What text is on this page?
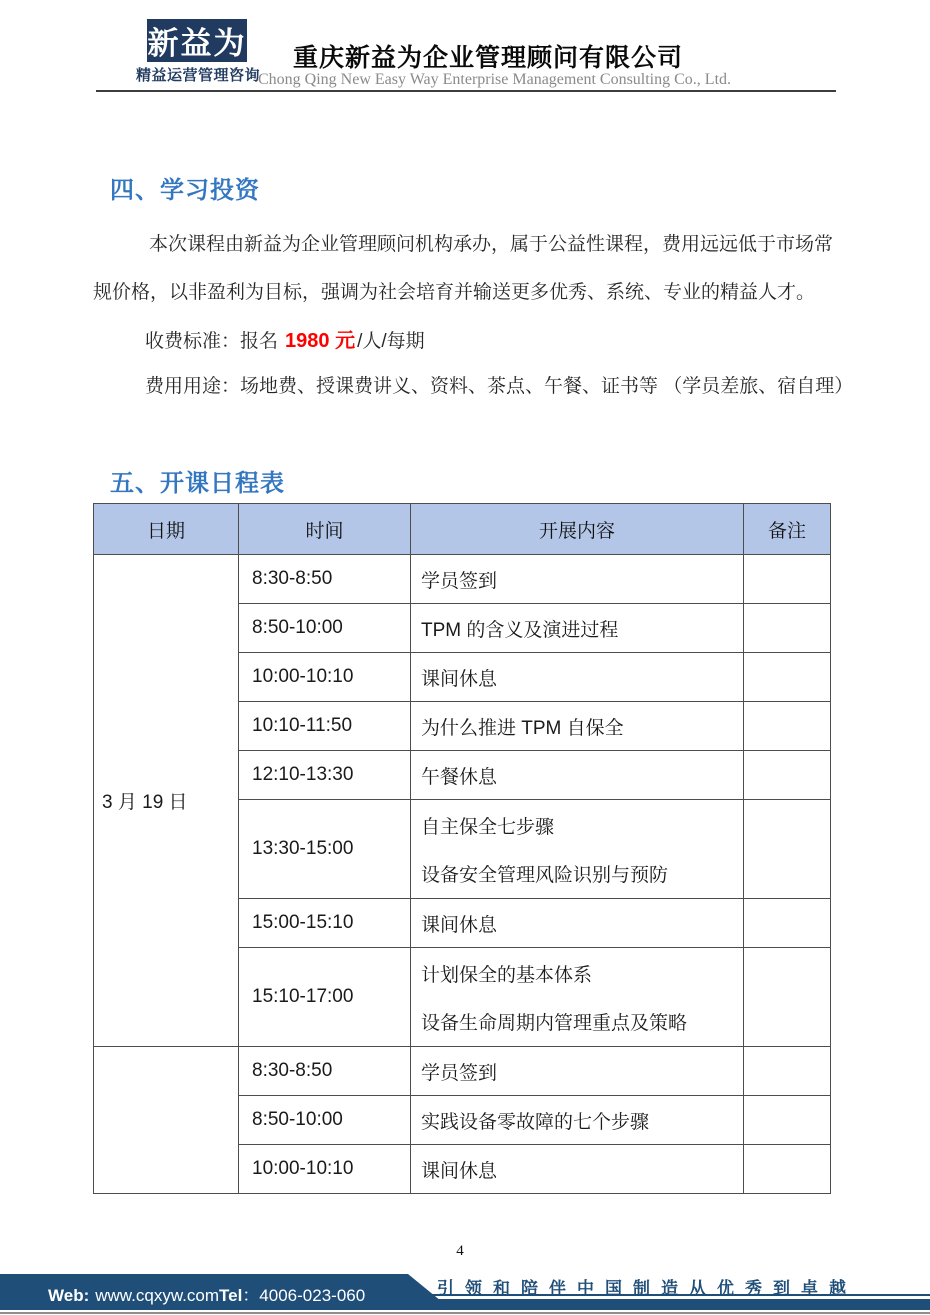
新益为
精益运营管理咨询
重庆新益为企业管理顾问有限公司
Chong Qing New Easy Way Enterprise Management Consulting Co., Ltd.
四、学习投资
本次课程由新益为企业管理顾问机构承办，属于公益性课程，费用远远低于市场常
规价格，以非盈利为目标，强调为社会培育并输送更多优秀、系统、专业的精益人才。
收费标准：报名 1980 元 /人/每期
费用用途：场地费、授课费讲义、资料、茶点、午餐、证书等 （学员差旅、宿自理）
五、开课日程表
日期	时间	开展内容	备注
3 月 19 日	8:30-8:50	学员签到	
	8:50-10:00	TPM 的含义及演进过程	
	10:00-10:10	课间休息	
	10:10-11:50	为什么推进 TPM 自保全	
	12:10-13:30	午餐休息	
	13:30-15:00	自主保全七步骤
设备安全管理风险识别与预防	

	15:00-15:10	课间休息	
	15:10-17:00	计划保全的基本体系
设备生命周期内管理重点及策略	

	8:30-8:50	学员签到	
	8:50-10:00	实践设备零故障的七个步骤	
	10:00-10:10	课间休息	
4
Web: www.cqxyw.comTel：4006-023-060	引领和陪伴中国制造从优秀到卓越
